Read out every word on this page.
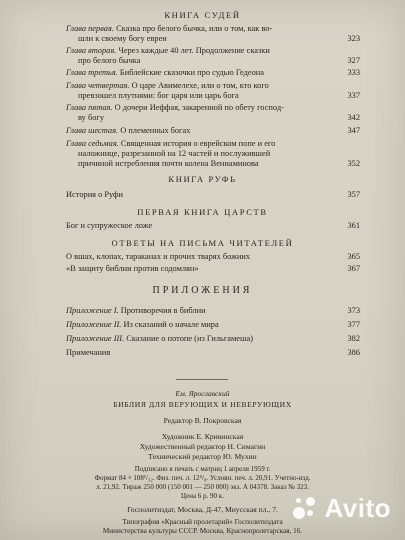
КНИГА СУДЕЙ
Глава первая. Сказка про белого бычка, или о том, как во-
шли к своему богу евреи	323
Глава вторая. Через каждые 40 лет. Продолжение сказки
про белого бычка	327
Глава третья. Библейские сказочки про судью Гедеона	333
Глава четвертая. О царе Авимелехе, или о том, кто кого
превзошел плутнями: бог царя или царь бога	337
Глава пятая. О дочери Иеффая, закаренной по обету господ-
ву богу	342
Глава шестая. О племенных богах	347
Глава седьмая. Священная история о еврейском попе и его
наложнице, разрезанной на 12 частей и послужившей
причиной истребления почти колена Вениаминова	352
КНИГА РУФЬ
История о Руфи	357
ПЕРВАЯ КНИГА ЦАРСТВ
Бог и супружеское ложе	361
ОТВЕТЫ НА ПИСЬМА ЧИТАТЕЛЕЙ
О вшах, клопах, тараканах и прочих тварях божиих	365
«В защиту библии против содомлян»	367
ПРИЛОЖЕНИЯ
Приложение I. Противоречия в библии	373
Приложение II. Из сказаний о начале мира	377
Приложение III. Сказание о потопе (из Гильгамеша)	382
Примечания	386
Ем. Ярославский
БИБЛИЯ ДЛЯ ВЕРУЮЩИХ И НЕВЕРУЮЩИХ
Редактор В. Покровская
Художник Е. Кривинская
Художественный редактор Н. Симагин
Технический редактор Ю. Мухин
Подписано в печать с матриц 1 апреля 1959 г.
Формат 84 × 108¹/₃₂. Физ. печ. л. 12⁵/₈. Условн. печ. л. 20,91. Учетно-изд.
л. 21,92. Тираж 250 000 (150 001 — 250 000) экз. А 04378. Заказ № 323.
Цена 6 р. 90 к.
Госполитиздат, Москва, Д-47, Миусская пл., 7.
Типография «Красный пролетарий» Госполитиздата
Министерства культуры СССР. Москва, Краснопролетарская, 16.
Avito
